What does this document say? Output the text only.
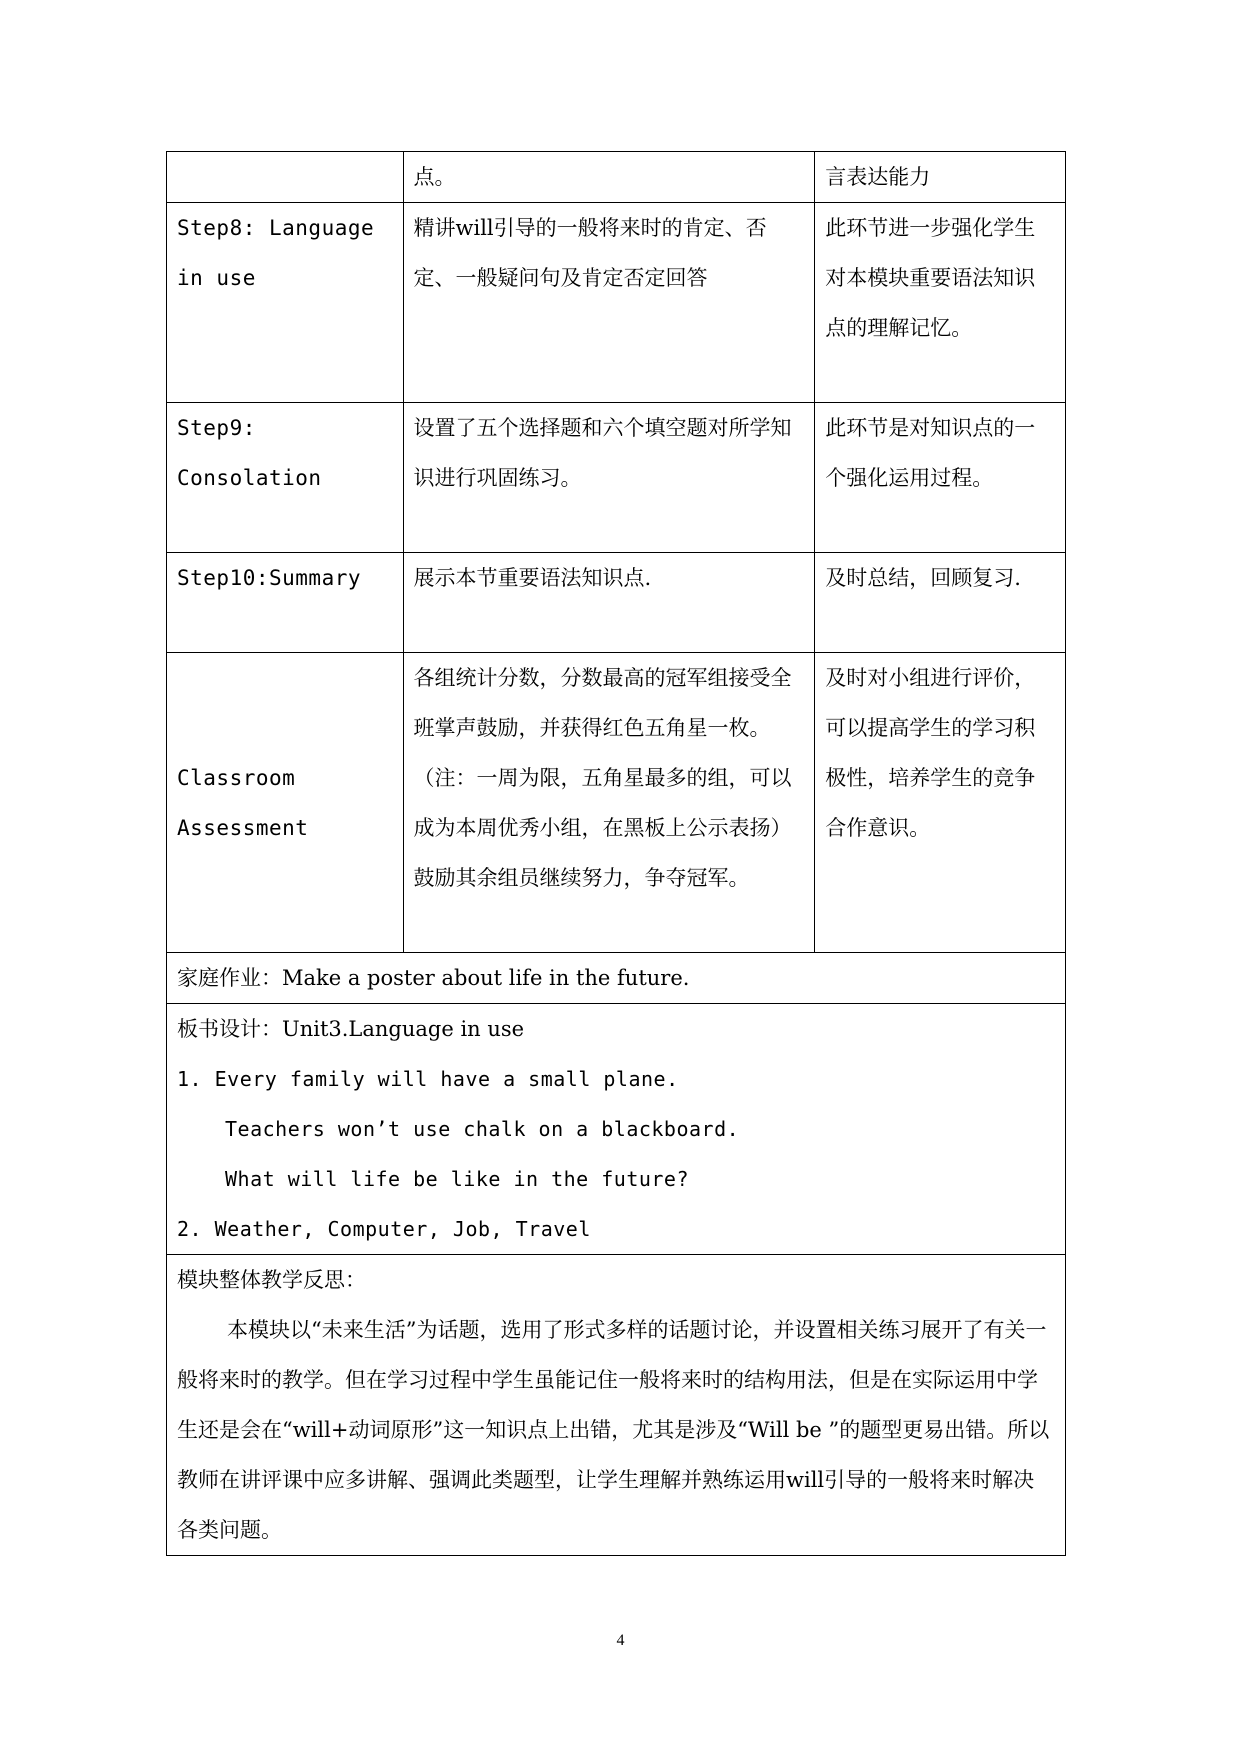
	点。	言表达能力
Step8: Language in use	精讲will引导的一般将来时的肯定、否定、一般疑问句及肯定否定回答	此环节进一步强化学生对本模块重要语法知识点的理解记忆。
Step9: Consolation	设置了五个选择题和六个填空题对所学知识进行巩固练习。	此环节是对知识点的一个强化运用过程。
Step10:Summary	展示本节重要语法知识点.	及时总结，回顾复习.
Classroom Assessment	各组统计分数，分数最高的冠军组接受全班掌声鼓励，并获得红色五角星一枚。（注：一周为限，五角星最多的组，可以成为本周优秀小组，在黑板上公示表扬）鼓励其余组员继续努力，争夺冠军。	及时对小组进行评价，可以提高学生的学习积极性，培养学生的竞争合作意识。
家庭作业：Make a poster about life in the future.		

板书设计：Unit3.Language in use
1. Every family will have a small plane.
Teachers won’t use chalk on a blackboard.
What will life be like in the future?
2. Weather, Computer, Job, Travel		

模块整体教学反思：
本模块以“未来生活”为话题，选用了形式多样的话题讨论，并设置相关练习展开了有关一般将来时的教学。但在学习过程中学生虽能记住一般将来时的结构用法，但是在实际运用中学生还是会在“will+动词原形”这一知识点上出错，尤其是涉及“Will be ”的题型更易出错。所以教师在讲评课中应多讲解、强调此类题型，让学生理解并熟练运用will引导的一般将来时解决各类问题。		
4
